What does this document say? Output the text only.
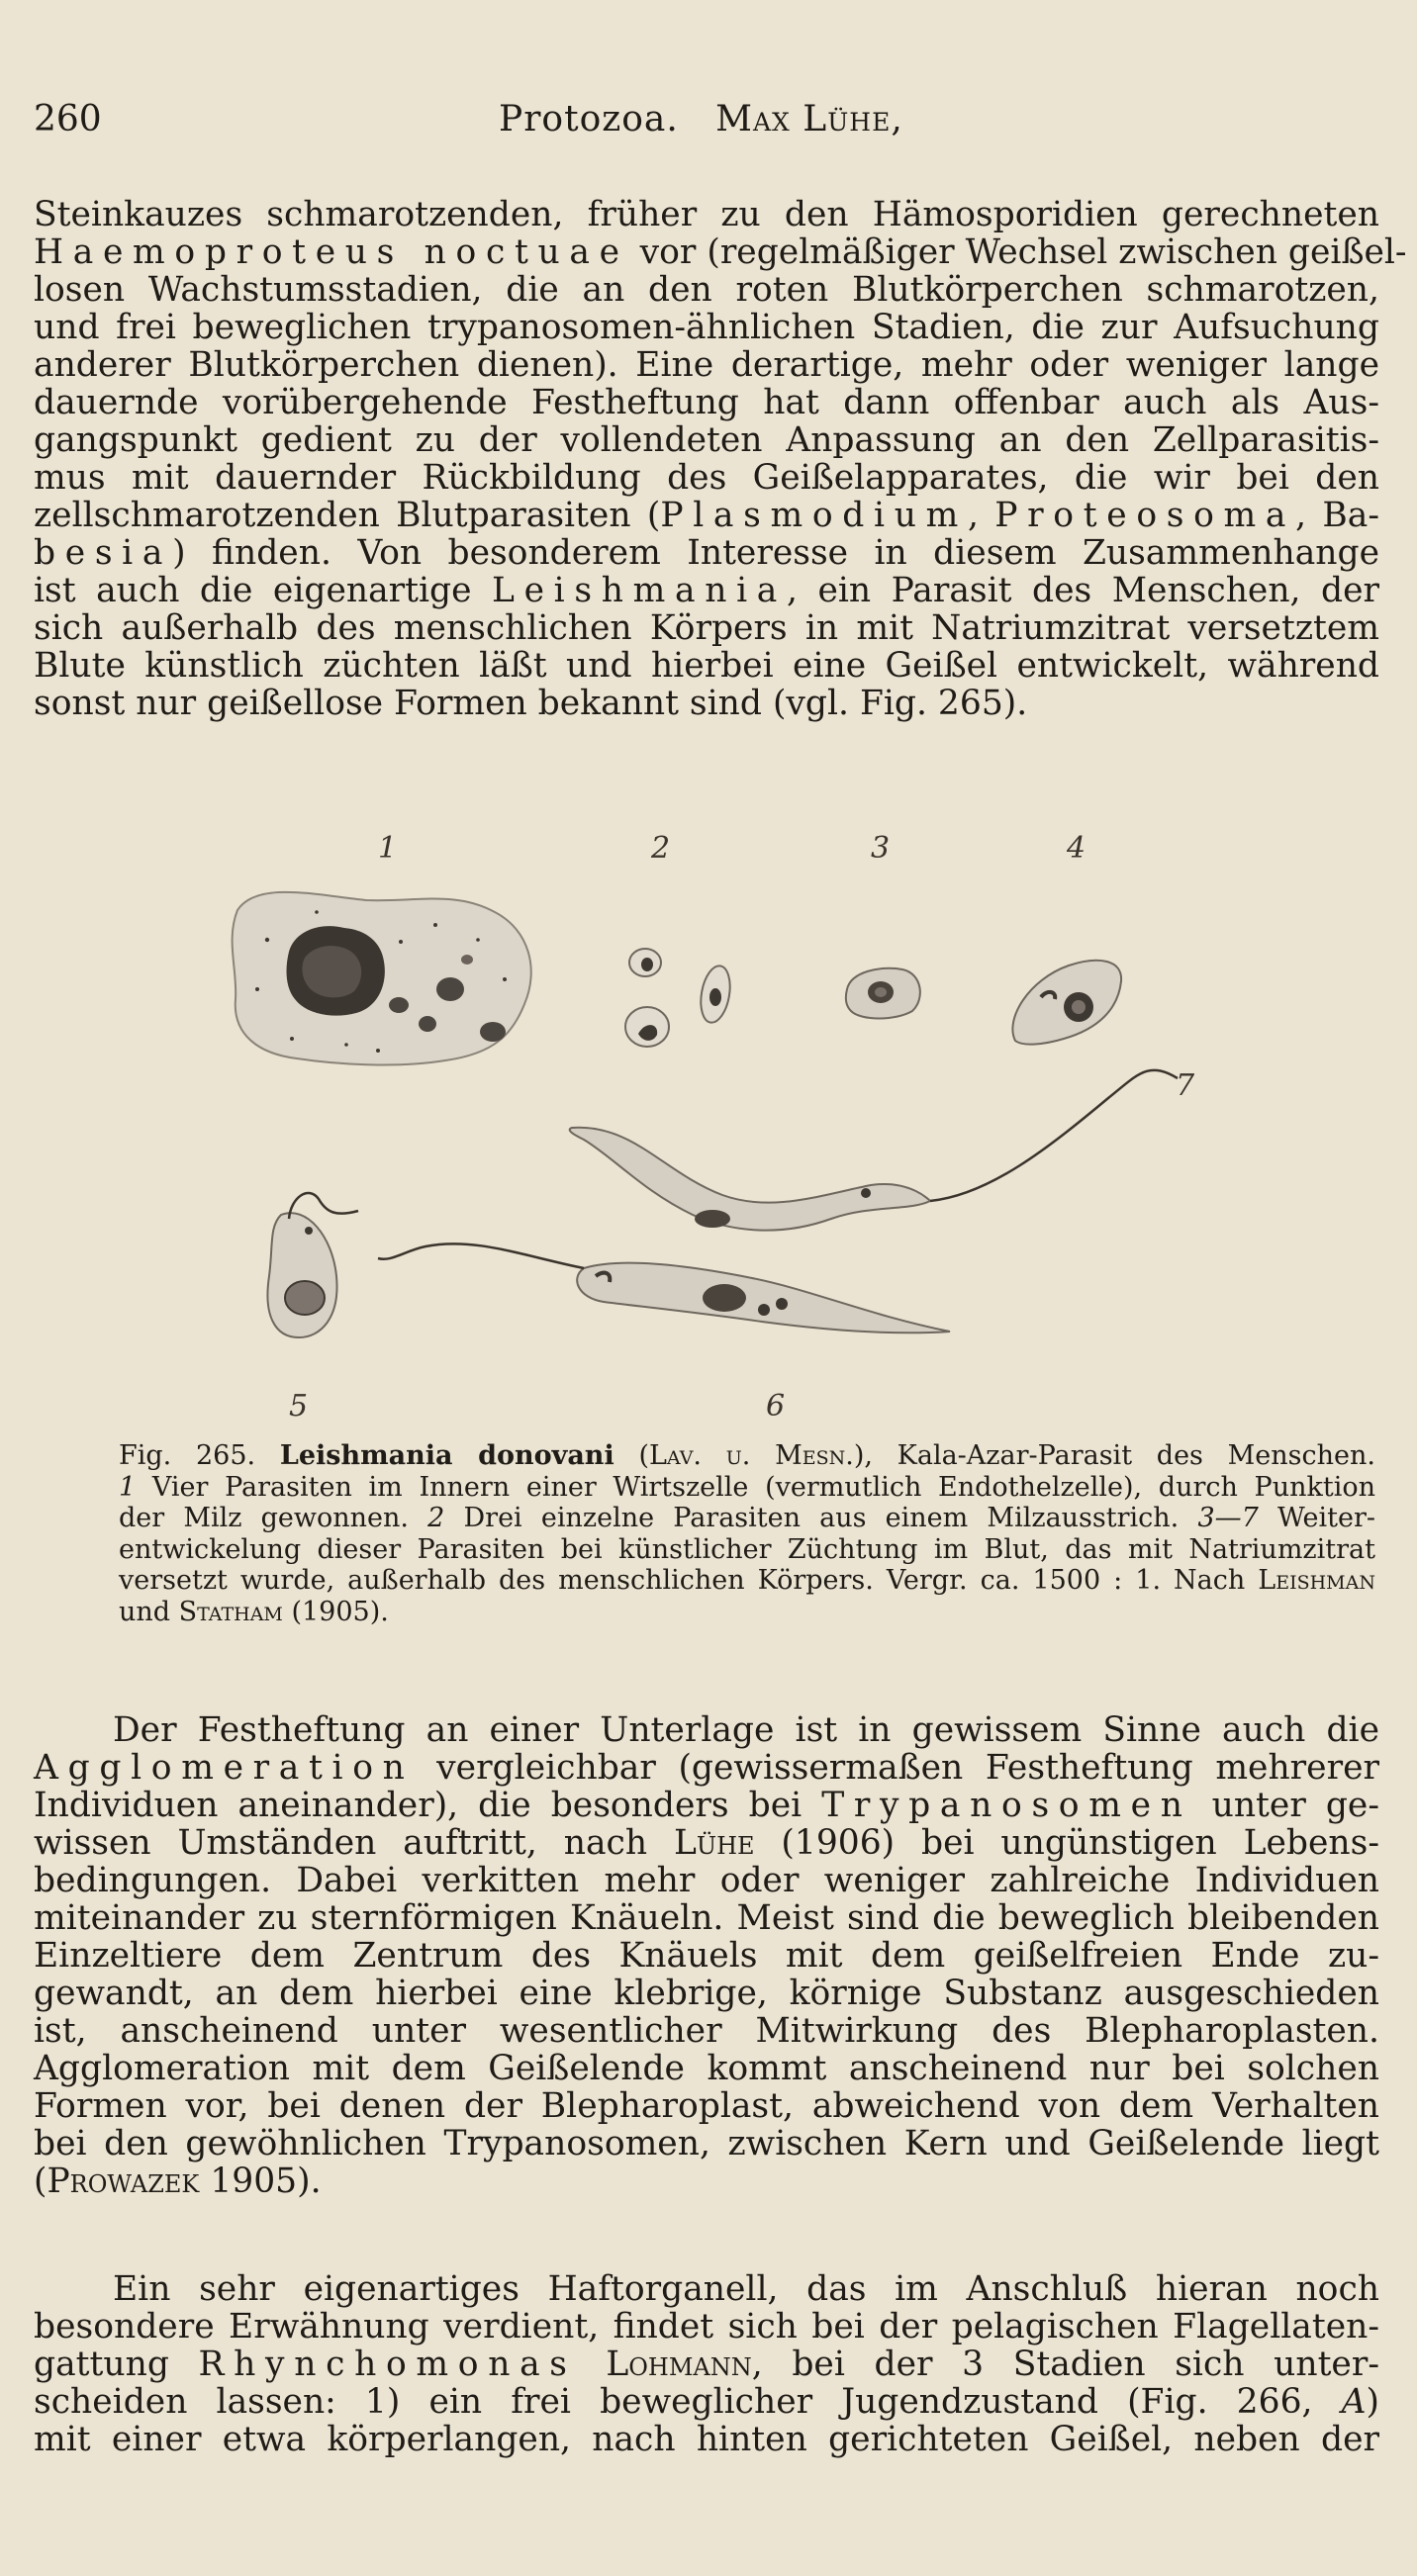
260	Protozoa. Max Lühe,
Steinkauzes schmarotzenden, früher zu den Hämosporidien gerechneten
Haemoproteus noctuae vor (regelmäßiger Wechsel zwischen geißel-
losen Wachstumsstadien, die an den roten Blutkörperchen schmarotzen,
und frei beweglichen trypanosomen-ähnlichen Stadien, die zur Aufsuchung
anderer Blutkörperchen dienen). Eine derartige, mehr oder weniger lange
dauernde vorübergehende Festheftung hat dann offenbar auch als Aus-
gangspunkt gedient zu der vollendeten Anpassung an den Zellparasitis-
mus mit dauernder Rückbildung des Geißelapparates, die wir bei den
zellschmarotzenden Blutparasiten (Plasmodium, Proteosoma, Ba-
besia) finden. Von besonderem Interesse in diesem Zusammenhange
ist auch die eigenartige Leishmania, ein Parasit des Menschen, der
sich außerhalb des menschlichen Körpers in mit Natriumzitrat versetztem
Blute künstlich züchten läßt und hierbei eine Geißel entwickelt, während
sonst nur geißellose Formen bekannt sind (vgl. Fig. 265).
1	2	3	4
5	6
7
Fig. 265. Leishmania donovani (Lav. u. Mesn.), Kala-Azar-Parasit des Menschen.
1 Vier Parasiten im Innern einer Wirtszelle (vermutlich Endothelzelle), durch Punktion
der Milz gewonnen. 2 Drei einzelne Parasiten aus einem Milzausstrich. 3—7 Weiter-
entwickelung dieser Parasiten bei künstlicher Züchtung im Blut, das mit Natriumzitrat
versetzt wurde, außerhalb des menschlichen Körpers. Vergr. ca. 1500 : 1. Nach Leishman
und Statham (1905).
Der Festheftung an einer Unterlage ist in gewissem Sinne auch die
Agglomeration vergleichbar (gewissermaßen Festheftung mehrerer
Individuen aneinander), die besonders bei Trypanosomen unter ge-
wissen Umständen auftritt, nach Lühe (1906) bei ungünstigen Lebens-
bedingungen. Dabei verkitten mehr oder weniger zahlreiche Individuen
miteinander zu sternförmigen Knäueln. Meist sind die beweglich bleibenden
Einzeltiere dem Zentrum des Knäuels mit dem geißelfreien Ende zu-
gewandt, an dem hierbei eine klebrige, körnige Substanz ausgeschieden
ist, anscheinend unter wesentlicher Mitwirkung des Blepharoplasten.
Agglomeration mit dem Geißelende kommt anscheinend nur bei solchen
Formen vor, bei denen der Blepharoplast, abweichend von dem Verhalten
bei den gewöhnlichen Trypanosomen, zwischen Kern und Geißelende liegt
(Prowazek 1905).
Ein sehr eigenartiges Haftorganell, das im Anschluß hieran noch
besondere Erwähnung verdient, findet sich bei der pelagischen Flagellaten-
gattung Rhynchomonas Lohmann, bei der 3 Stadien sich unter-
scheiden lassen: 1) ein frei beweglicher Jugendzustand (Fig. 266, A)
mit einer etwa körperlangen, nach hinten gerichteten Geißel, neben der
